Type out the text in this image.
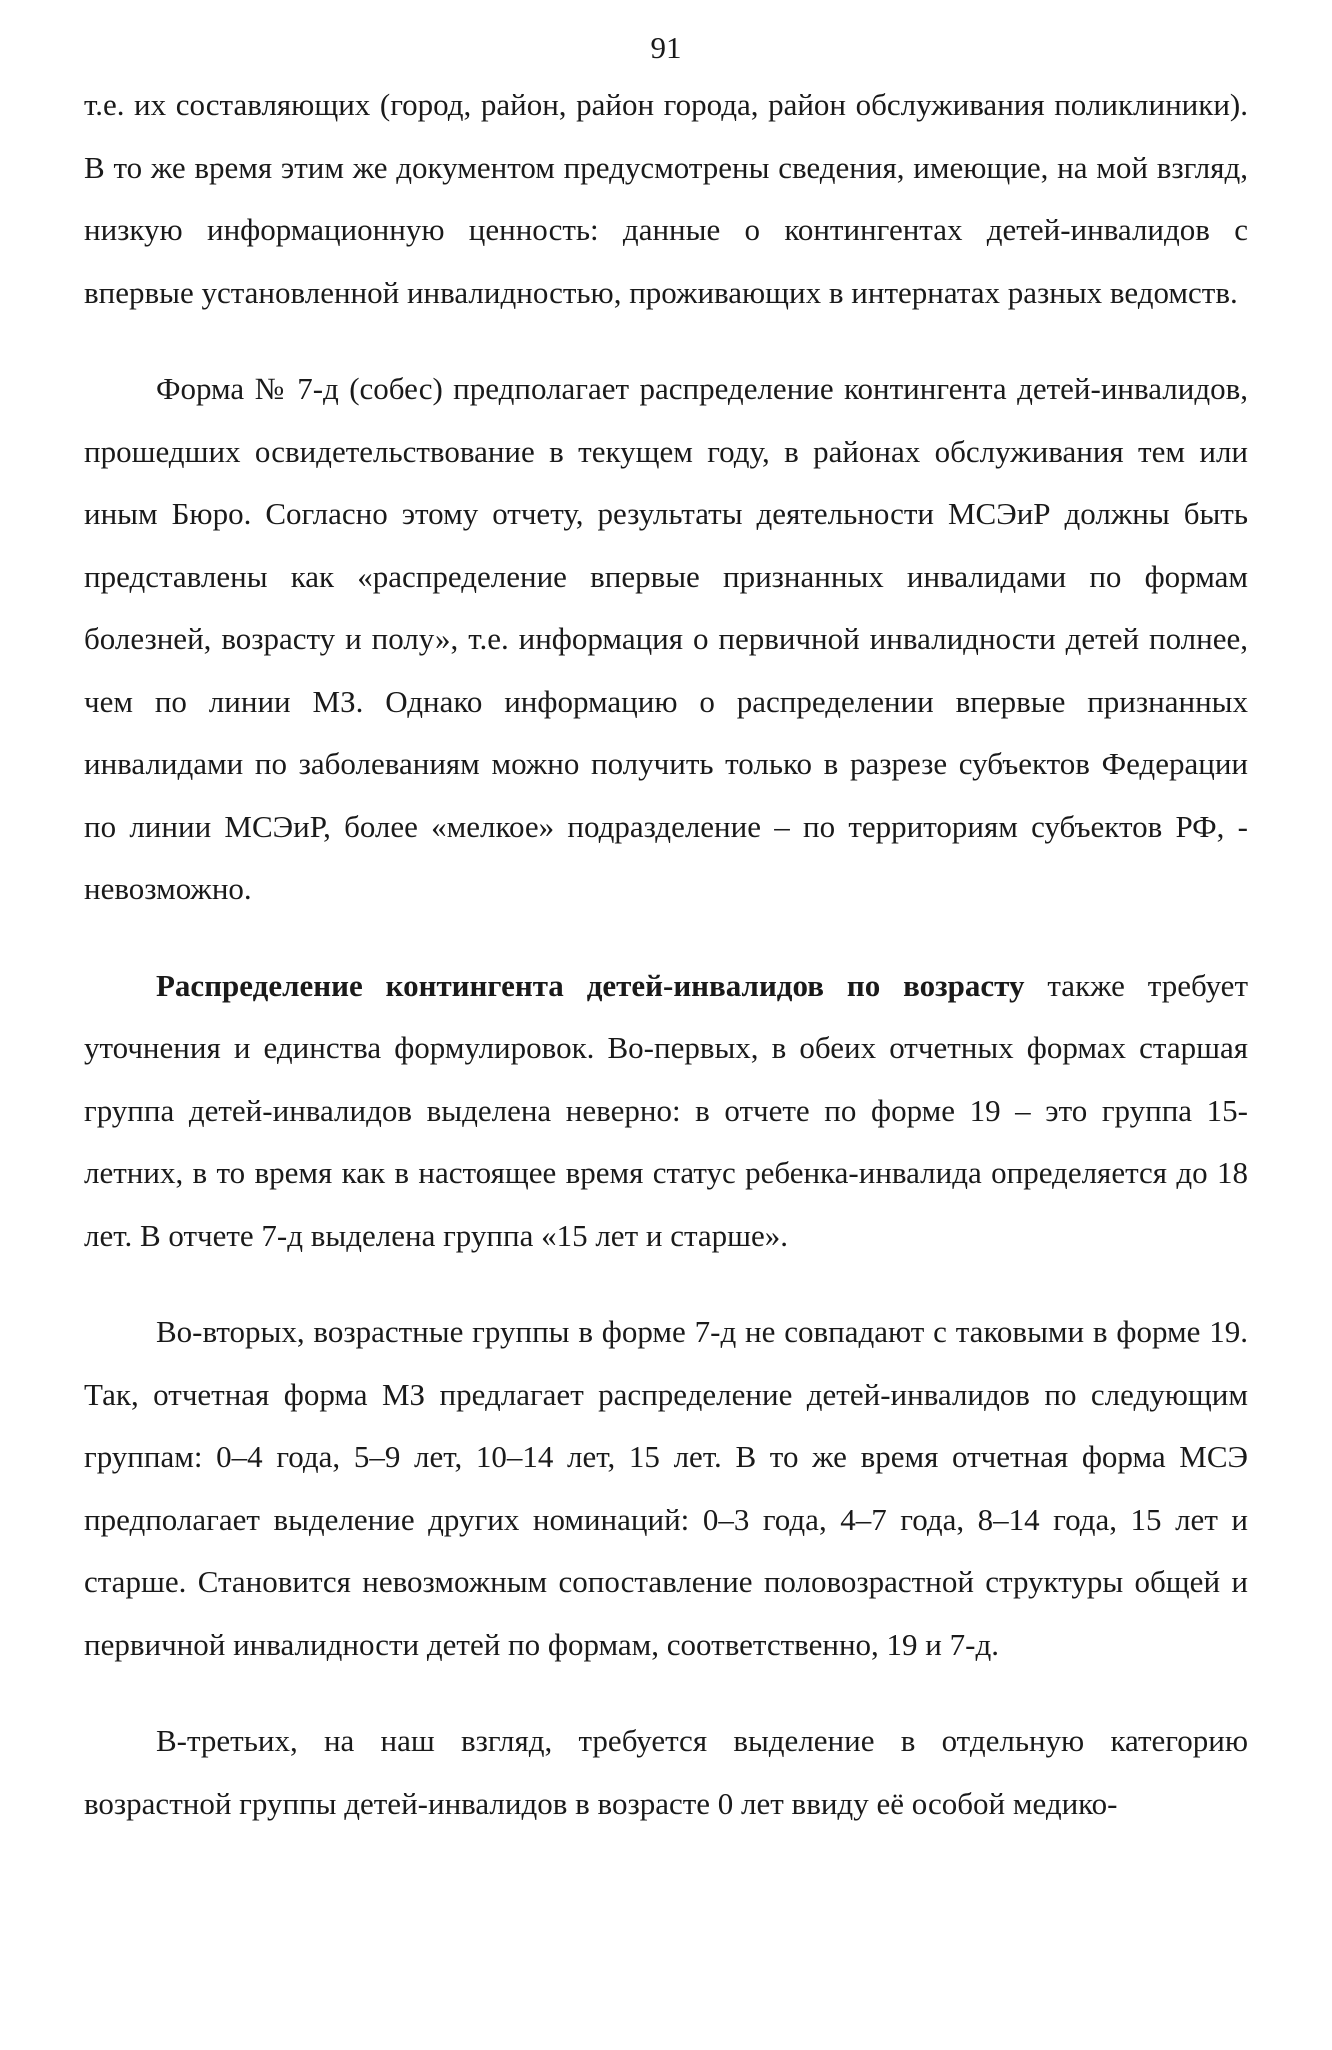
91

т.е. их составляющих (город, район, район города, район обслуживания поликлиники). В то же время этим же документом предусмотрены сведения, имеющие, на мой взгляд, низкую информационную ценность: данные о контингентах детей-инвалидов с впервые установленной инвалидностью, проживающих в интернатах разных ведомств.

Форма № 7-д (собес) предполагает распределение контингента детей-инвалидов, прошедших освидетельствование в текущем году, в районах обслуживания тем или иным Бюро. Согласно этому отчету, результаты деятельности МСЭиР должны быть представлены как «распределение впервые признанных инвалидами по формам болезней, возрасту и полу», т.е. информация о первичной инвалидности детей полнее, чем по линии МЗ. Однако информацию о распределении впервые признанных инвалидами по заболеваниям можно получить только в разрезе субъектов Федерации по линии МСЭиР, более «мелкое» подразделение – по территориям субъектов РФ, - невозможно.

Распределение контингента детей-инвалидов по возрасту также требует уточнения и единства формулировок. Во-первых, в обеих отчетных формах старшая группа детей-инвалидов выделена неверно: в отчете по форме 19 – это группа 15-летних, в то время как в настоящее время статус ребенка-инвалида определяется до 18 лет. В отчете 7-д выделена группа «15 лет и старше».

Во-вторых, возрастные группы в форме 7-д не совпадают с таковыми в форме 19. Так, отчетная форма МЗ предлагает распределение детей-инвалидов по следующим группам: 0–4 года, 5–9 лет, 10–14 лет, 15 лет. В то же время отчетная форма МСЭ предполагает выделение других номинаций: 0–3 года, 4–7 года, 8–14 года, 15 лет и старше. Становится невозможным сопоставление половозрастной структуры общей и первичной инвалидности детей по формам, соответственно, 19 и 7-д.

В-третьих, на наш взгляд, требуется выделение в отдельную категорию возрастной группы детей-инвалидов в возрасте 0 лет ввиду её особой медико-
